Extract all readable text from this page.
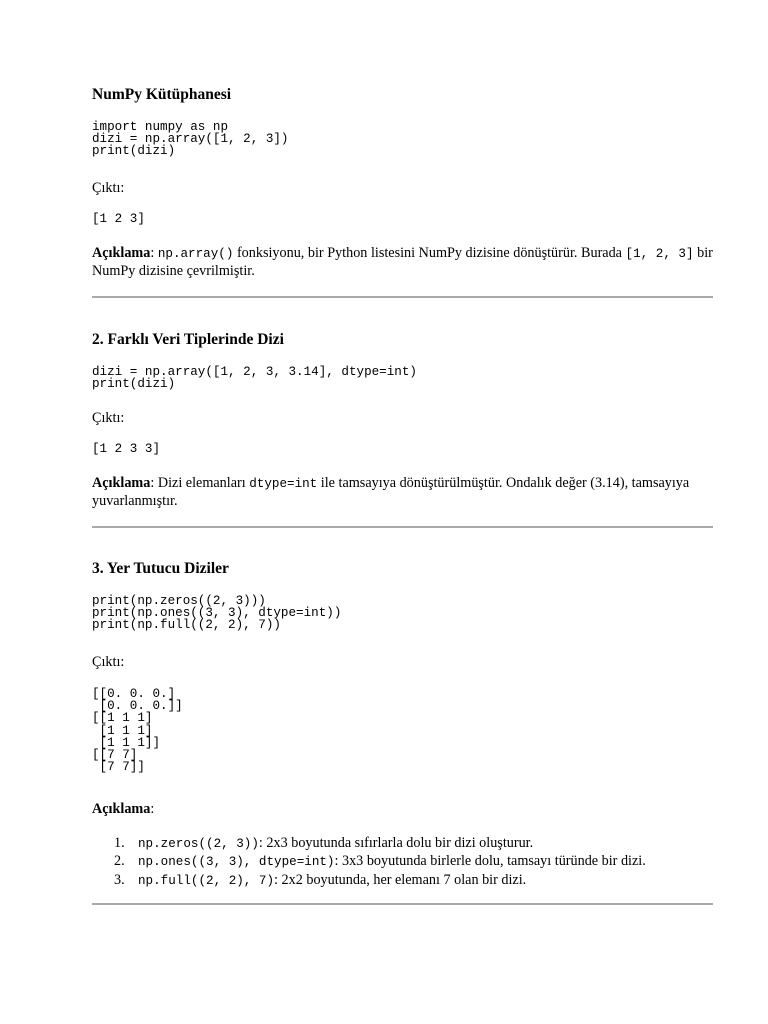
NumPy Kütüphanesi
import numpy as np
dizi = np.array([1, 2, 3])
print(dizi)

Çıktı:

[1 2 3]

Açıklama: np.array() fonksiyonu, bir Python listesini NumPy dizisine dönüştürür. Burada [1, 2, 3] bir NumPy dizisine çevrilmiştir.

2. Farklı Veri Tiplerinde Dizi
dizi = np.array([1, 2, 3, 3.14], dtype=int)
print(dizi)

Çıktı:

[1 2 3 3]

Açıklama: Dizi elemanları dtype=int ile tamsayıya dönüştürülmüştür. Ondalık değer (3.14), tamsayıya yuvarlanmıştır.

3. Yer Tutucu Diziler
print(np.zeros((2, 3)))
print(np.ones((3, 3), dtype=int))
print(np.full((2, 2), 7))

Çıktı:

[[0. 0. 0.]
[0. 0. 0.]]
[[1 1 1]
[1 1 1]
[1 1 1]]
[[7 7]
[7 7]]

Açıklama:

1. np.zeros((2, 3)): 2x3 boyutunda sıfırlarla dolu bir dizi oluşturur.
2. np.ones((3, 3), dtype=int): 3x3 boyutunda birlerle dolu, tamsayı türünde bir dizi.
3. np.full((2, 2), 7): 2x2 boyutunda, her elemanı 7 olan bir dizi.
